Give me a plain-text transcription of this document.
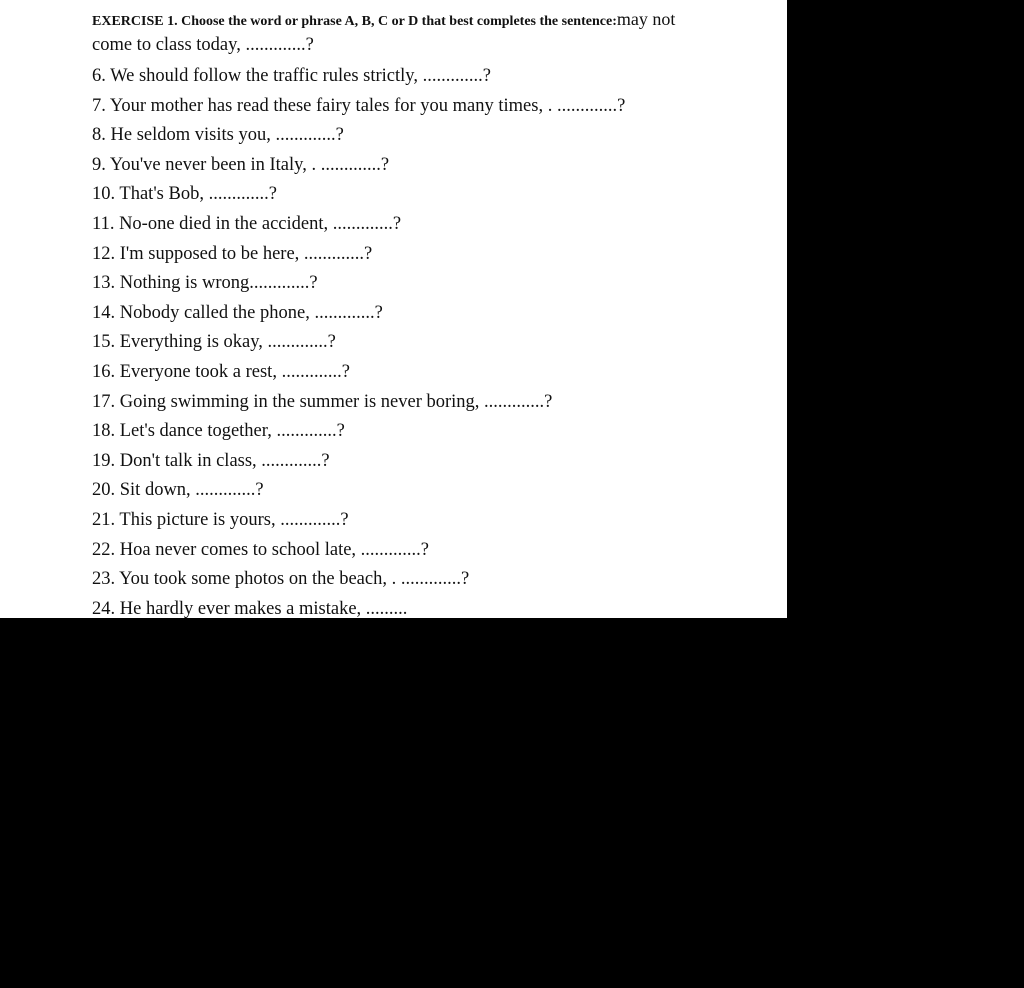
EXERCISE 1. Choose the word or phrase A, B, C or D that best completes the sentence:may not
come to class today, .............?
6. We should follow the traffic rules strictly, .............?
7. Your mother has read these fairy tales for you many times, . .............?
8. He seldom visits you, .............?
9. You've never been in Italy, . .............?
10. That's Bob, .............?
11. No-one died in the accident, .............?
12. I'm supposed to be here, .............?
13. Nothing is wrong.............?
14. Nobody called the phone, .............?
15. Everything is okay, .............?
16. Everyone took a rest, .............?
17. Going swimming in the summer is never boring, .............?
18. Let's dance together, .............?
19. Don't talk in class, .............?
20. Sit down, .............?
21. This picture is yours, .............?
22. Hoa never comes to school late, .............?
23. You took some photos on the beach, . .............?
24. He hardly ever makes a mistake, .........
